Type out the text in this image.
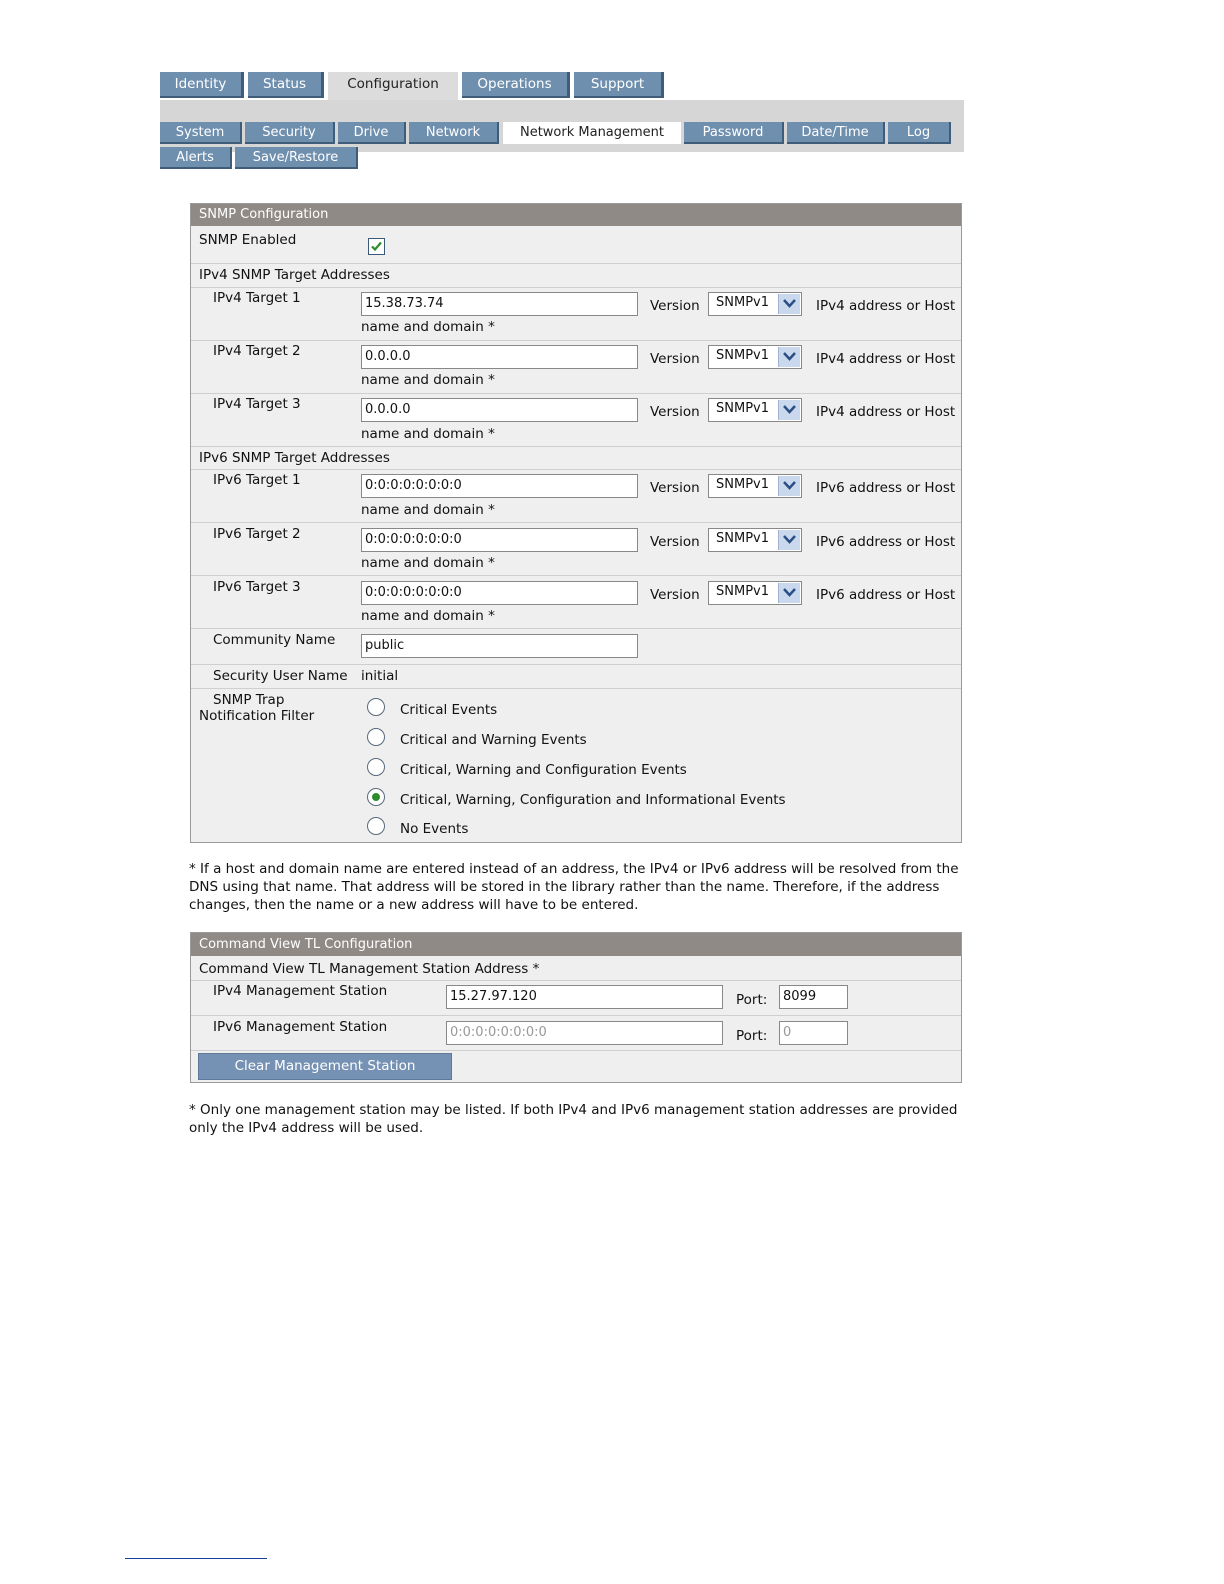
Identity	Status	Configuration	Operations	Support
System	Security	Drive	Network	Network Management	Password	Date/Time	Log
Alerts	Save/Restore
SNMP Configuration
SNMP Enabled
IPv4 SNMP Target Addresses
IPv4 Target 1	15.38.73.74	Version	SNMPv1	IPv4 address or Host
name and domain *
IPv4 Target 2	0.0.0.0	Version	SNMPv1	IPv4 address or Host
name and domain *
IPv4 Target 3	0.0.0.0	Version	SNMPv1	IPv4 address or Host
name and domain *
IPv6 SNMP Target Addresses
IPv6 Target 1	0:0:0:0:0:0:0:0	Version	SNMPv1	IPv6 address or Host
name and domain *
IPv6 Target 2	0:0:0:0:0:0:0:0	Version	SNMPv1	IPv6 address or Host
name and domain *
IPv6 Target 3	0:0:0:0:0:0:0:0	Version	SNMPv1	IPv6 address or Host
name and domain *
Community Name	public
Security User Name initial
SNMP Trap
Notification Filter	Critical Events
Critical and Warning Events
Critical, Warning and Configuration Events
Critical, Warning, Configuration and Informational Events
No Events
* If a host and domain name are entered instead of an address, the IPv4 or IPv6 address will be resolved from the DNS using that name. That address will be stored in the library rather than the name. Therefore, if the address changes, then the name or a new address will have to be entered.
Command View TL Configuration
Command View TL Management Station Address *
IPv4 Management Station	15.27.97.120	Port:	8099
IPv6 Management Station	0:0:0:0:0:0:0:0	Port:	0
Clear Management Station
* Only one management station may be listed. If both IPv4 and IPv6 management station addresses are provided only the IPv4 address will be used.
